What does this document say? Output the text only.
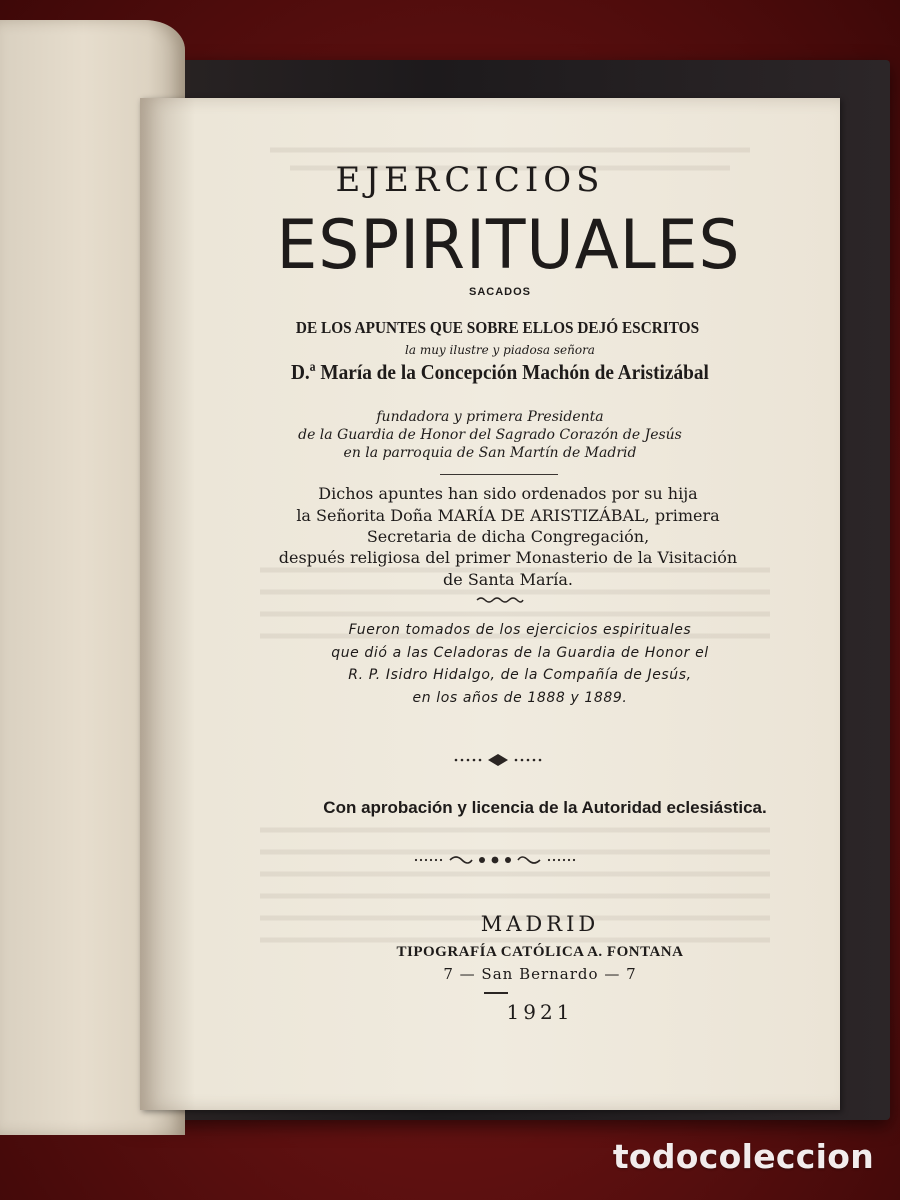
EJERCICIOS
ESPIRITUALES
SACADOS
DE LOS APUNTES QUE SOBRE ELLOS DEJÓ ESCRITOS
la muy ilustre y piadosa señora
D.ª María de la Concepción Machón de Aristizábal
fundadora y primera Presidenta
de la Guardia de Honor del Sagrado Corazón de Jesús
en la parroquia de San Martín de Madrid
Dichos apuntes han sido ordenados por su hija
la Señorita Doña MARÍA DE ARISTIZÁBAL, primera
Secretaria de dicha Congregación,
después religiosa del primer Monasterio de la Visitación
de Santa María.
Fueron tomados de los ejercicios espirituales
que dió a las Celadoras de la Guardia de Honor el
R. P. Isidro Hidalgo, de la Compañía de Jesús,
en los años de 1888 y 1889.
Con aprobación y licencia de la Autoridad eclesiástica.
MADRID
TIPOGRAFÍA CATÓLICA A. FONTANA
7 — San Bernardo — 7
1921
todocoleccion
